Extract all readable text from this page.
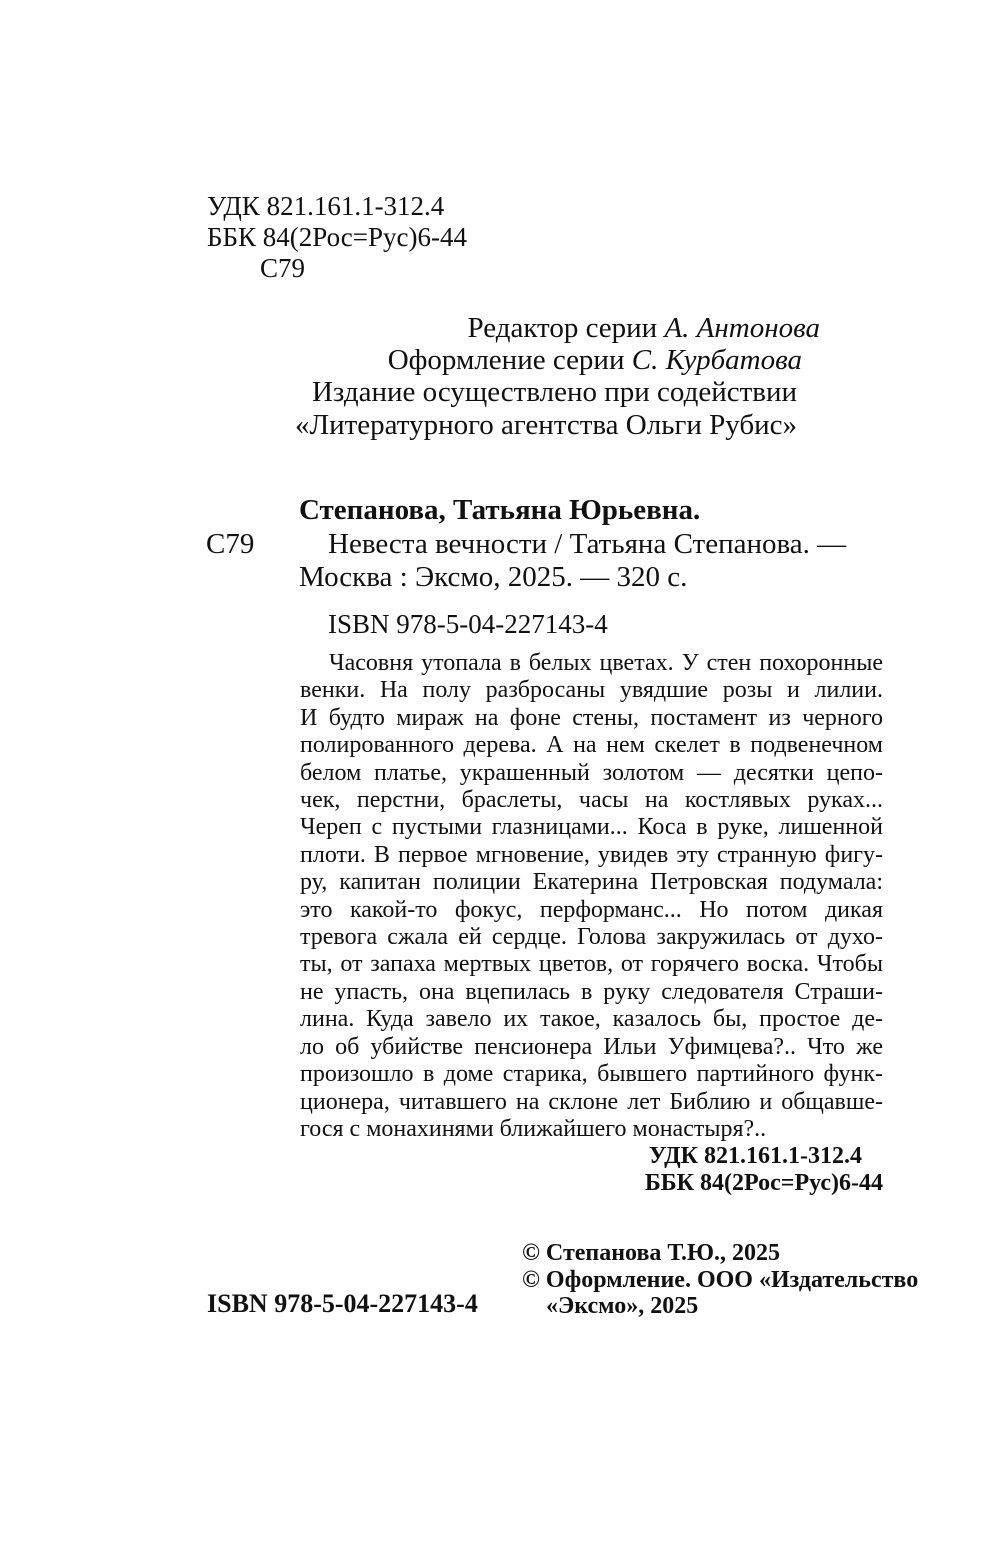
УДК 821.161.1-312.4
ББК 84(2Рос=Рус)6-44
С79
Редактор серии А. Антонова
Оформление серии С. Курбатова
Издание осуществлено при содействии
«Литературного агентства Ольги Рубис»
Степанова, Татьяна Юрьевна.
С79	Невеста вечности / Татьяна Степанова. —
Москва : Эксмо, 2025. — 320 с.
ISBN 978-5-04-227143-4
Часовня утопала в белых цветах. У стен похоронные
венки. На полу разбросаны увядшие розы и лилии.
И будто мираж на фоне стены, постамент из черного
полированного дерева. А на нем скелет в подвенечном
белом платье, украшенный золотом — десятки цепо-
чек, перстни, браслеты, часы на костлявых руках...
Череп с пустыми глазницами... Коса в руке, лишенной
плоти. В первое мгновение, увидев эту странную фигу-
ру, капитан полиции Екатерина Петровская подумала:
это какой-то фокус, перформанс... Но потом дикая
тревога сжала ей сердце. Голова закружилась от духо-
ты, от запаха мертвых цветов, от горячего воска. Чтобы
не упасть, она вцепилась в руку следователя Страши-
лина. Куда завело их такое, казалось бы, простое де-
ло об убийстве пенсионера Ильи Уфимцева?.. Что же
произошло в доме старика, бывшего партийного функ-
ционера, читавшего на склоне лет Библию и общавше-
гося с монахинями ближайшего монастыря?..
УДК 821.161.1-312.4
ББК 84(2Рос=Рус)6-44
© Степанова Т.Ю., 2025
© Оформление. ООО «Издательство
«Эксмо», 2025
ISBN 978-5-04-227143-4
